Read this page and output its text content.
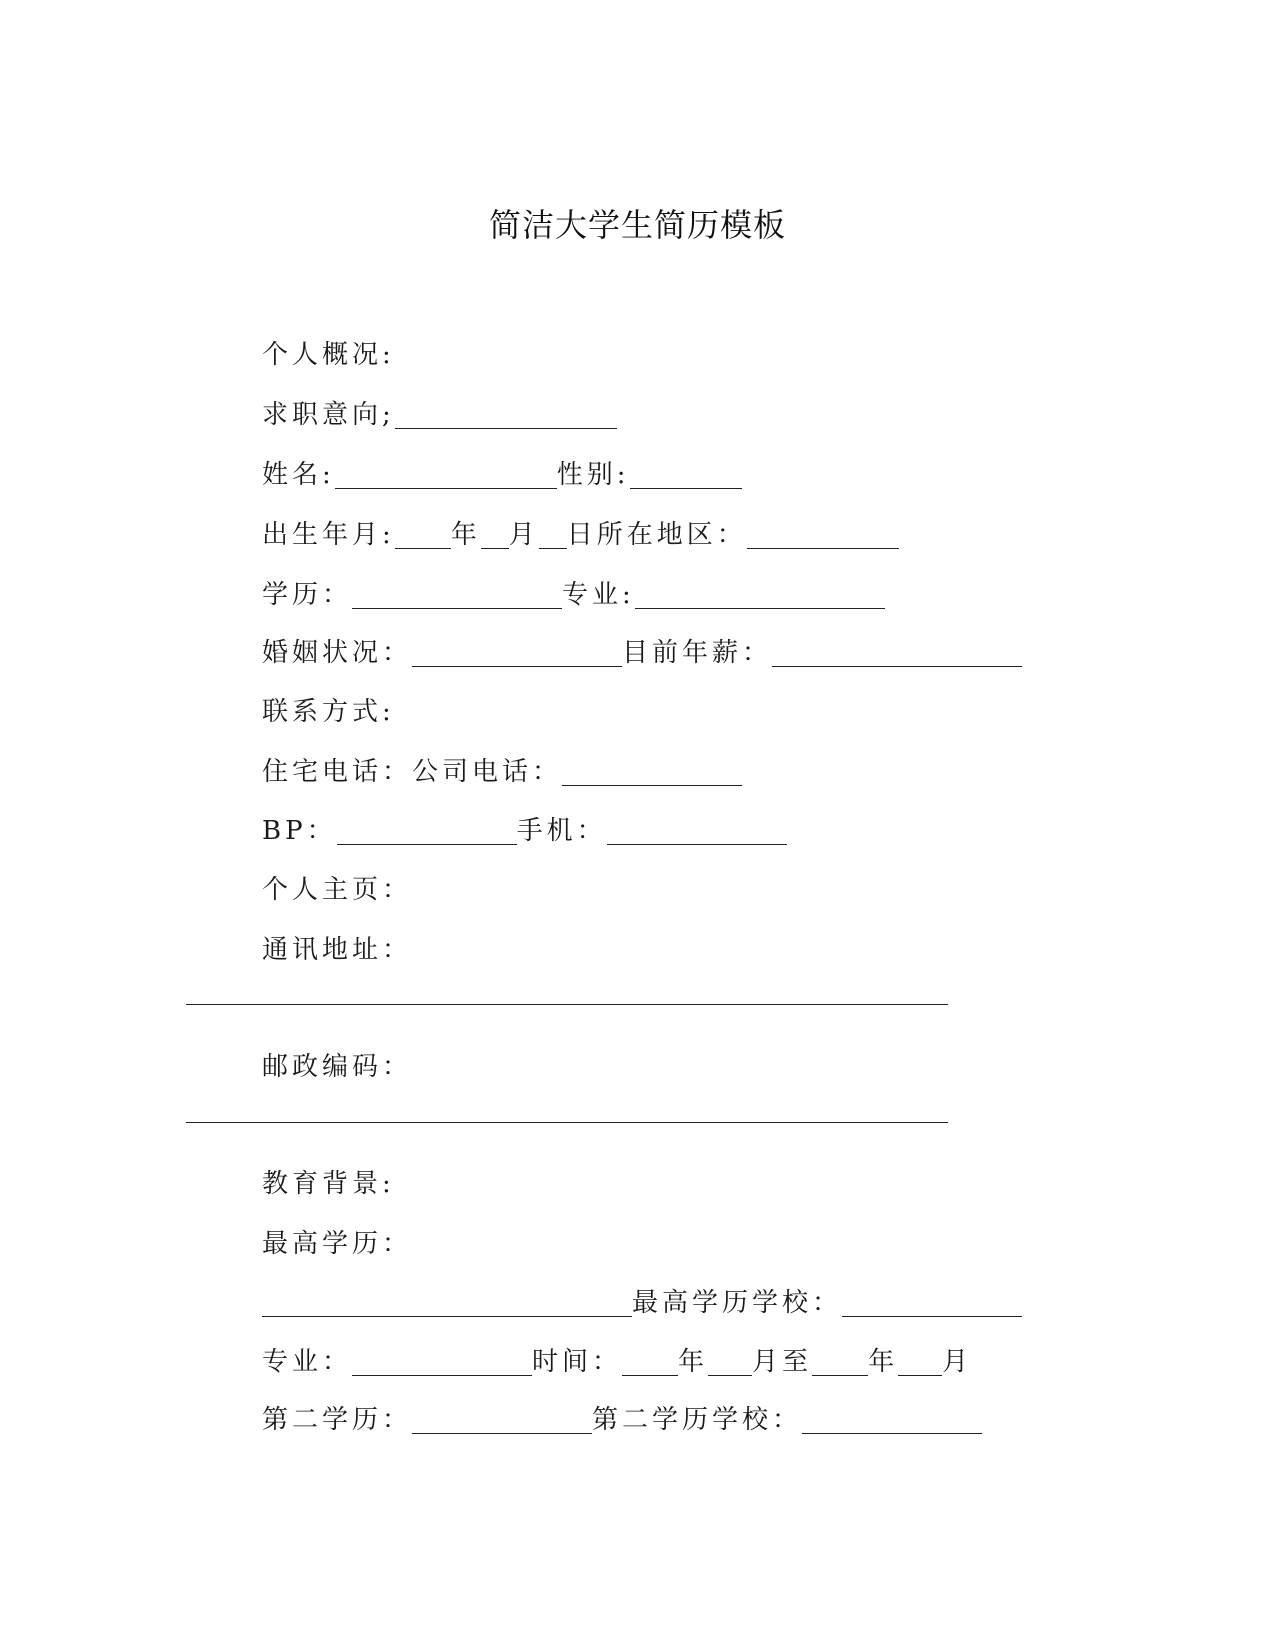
简洁大学生简历模板
个人概况:
求职意向;
姓名:	性别:
出生年月: 年 月 日所在地区：
学历：	专业:
婚姻状况：	目前年薪：
联系方式:
住宅电话：公司电话：
BP：	手机：
个人主页：
通讯地址：
邮政编码：
教育背景:
最高学历：
最高学历学校：
专业：	时间： 年 月至 年 月
第二学历：	第二学历学校：
